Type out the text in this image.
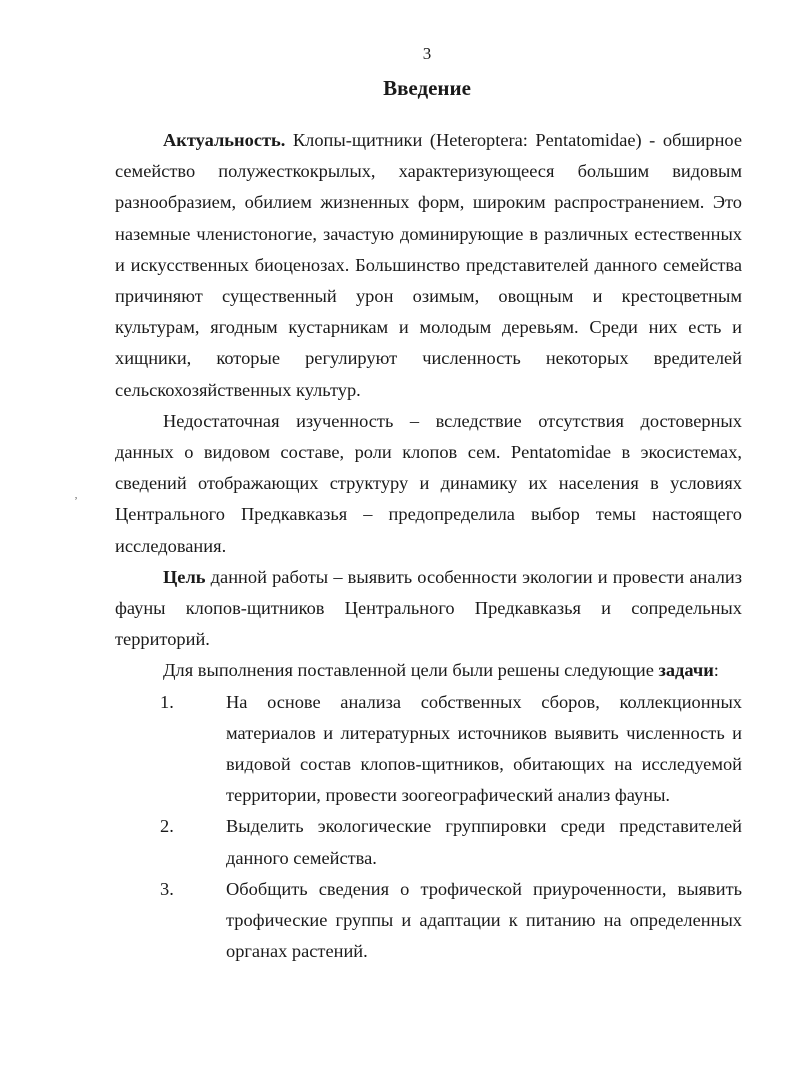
3
Введение
‚

Актуальность. Клопы-щитники (Heteroptera: Pentatomidae) - обширное семейство полужесткокрылых, характеризующееся большим видовым разнообразием, обилием жизненных форм, широким распространением. Это наземные членистоногие, зачастую доминирующие в различных естественных и искусственных биоценозах. Большинство представителей данного семейства причиняют существенный урон озимым, овощным и крестоцветным культурам, ягодным кустарникам и молодым деревьям. Среди них есть и хищники, которые регулируют численность некоторых вредителей сельскохозяйственных культур.

Недостаточная изученность – вследствие отсутствия достоверных данных о видовом составе, роли клопов сем. Pentatomidae в экосистемах, сведений отображающих структуру и динамику их населения в условиях Центрального Предкавказья – предопределила выбор темы настоящего исследования.

Цель данной работы – выявить особенности экологии и провести анализ фауны клопов-щитников Центрального Предкавказья и сопредельных территорий.

Для выполнения поставленной цели были решены следующие задачи:

1.	На основе анализа собственных сборов, коллекционных материалов и литературных источников выявить численность и видовой состав клопов-щитников, обитающих на исследуемой территории, провести зоогеографический анализ фауны.
2.	Выделить экологические группировки среди представителей данного семейства.
3.	Обобщить сведения о трофической приуроченности, выявить трофические группы и адаптации к питанию на определенных органах растений.
